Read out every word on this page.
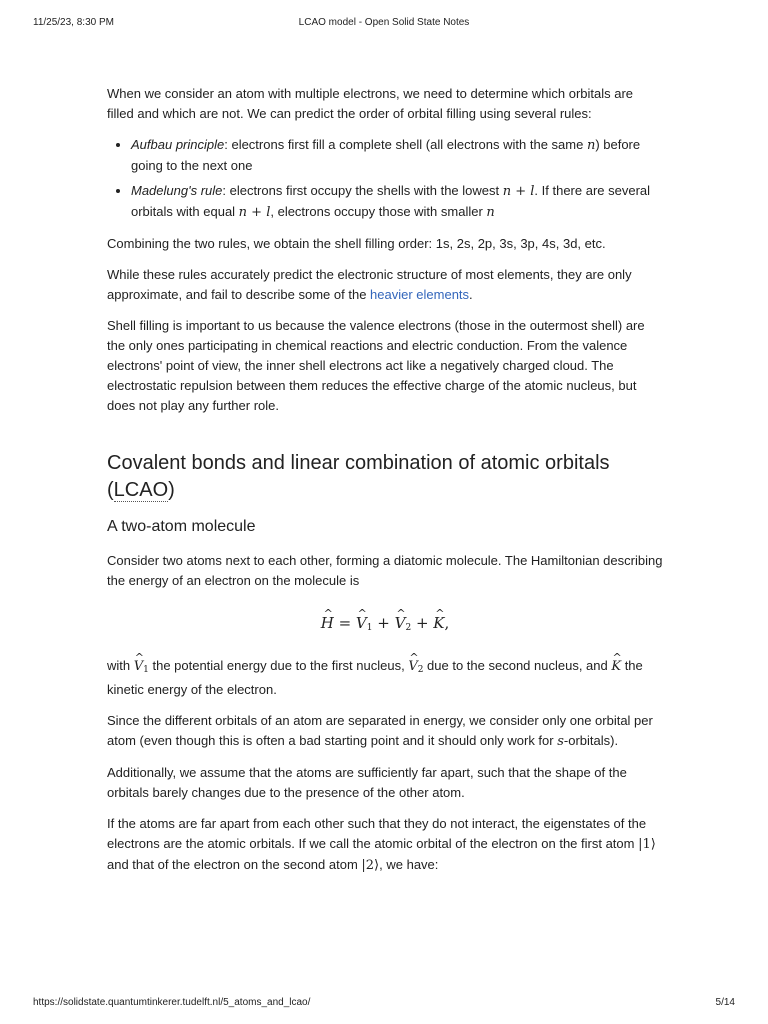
LCAO model - Open Solid State Notes
11/25/23, 8:30 PM

When we consider an atom with multiple electrons, we need to determine which orbitals are filled and which are not. We can predict the order of orbital filling using several rules:

• Aufbau principle: electrons first fill a complete shell (all electrons with the same n) before going to the next one
• Madelung's rule: electrons first occupy the shells with the lowest n + l. If there are several orbitals with equal n + l, electrons occupy those with smaller n

Combining the two rules, we obtain the shell filling order: 1s, 2s, 2p, 3s, 3p, 4s, 3d, etc.

While these rules accurately predict the electronic structure of most elements, they are only approximate, and fail to describe some of the heavier elements.

Shell filling is important to us because the valence electrons (those in the outermost shell) are the only ones participating in chemical reactions and electric conduction. From the valence electrons' point of view, the inner shell electrons act like a negatively charged cloud. The electrostatic repulsion between them reduces the effective charge of the atomic nucleus, but does not play any further role.

Covalent bonds and linear combination of atomic orbitals (LCAO)
A two-atom molecule

Consider two atoms next to each other, forming a diatomic molecule. The Hamiltonian describing the energy of an electron on the molecule is

^ H = ^ $V_1$ + ^ $V_2$ + ^ K,

with ^ $V_1$ the potential energy due to the first nucleus, ^ $V_2$ due to the second nucleus, and ^ K the kinetic energy of the electron.

Since the different orbitals of an atom are separated in energy, we consider only one orbital per atom (even though this is often a bad starting point and it should only work for s-orbitals).

Additionally, we assume that the atoms are sufficiently far apart, such that the shape of the orbitals barely changes due to the presence of the other atom.

If the atoms are far apart from each other such that they do not interact, the eigenstates of the electrons are the atomic orbitals. If we call the atomic orbital of the electron on the first atom |1⟩ and that of the electron on the second atom |2⟩, we have:

https://solidstate.quantumtinkerer.tudelft.nl/5_atoms_and_lcao/	5/14
